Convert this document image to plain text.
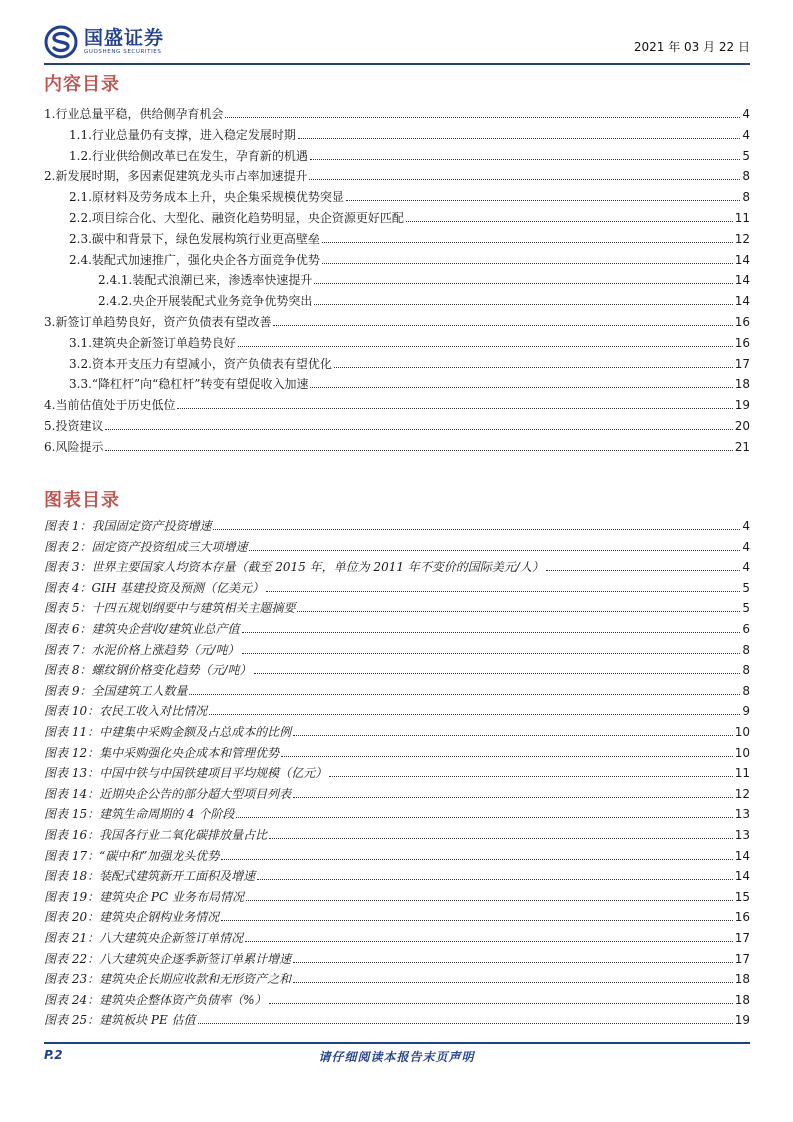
国盛证券
GUOSHENG SECURITIES	2021 年 03 月 22 日
内容目录
1.行业总量平稳，供给侧孕育机会	4
1.1.行业总量仍有支撑，进入稳定发展时期	4
1.2.行业供给侧改革已在发生，孕育新的机遇	5
2.新发展时期，多因素促建筑龙头市占率加速提升	8
2.1.原材料及劳务成本上升，央企集采规模优势突显	8
2.2.项目综合化、大型化、融资化趋势明显，央企资源更好匹配	11
2.3.碳中和背景下，绿色发展构筑行业更高壁垒	12
2.4.装配式加速推广，强化央企各方面竞争优势	14
2.4.1.装配式浪潮已来，渗透率快速提升	14
2.4.2.央企开展装配式业务竞争优势突出	14
3.新签订单趋势良好，资产负债表有望改善	16
3.1.建筑央企新签订单趋势良好	16
3.2.资本开支压力有望减小，资产负债表有望优化	17
3.3.“降杠杆”向“稳杠杆”转变有望促收入加速	18
4.当前估值处于历史低位	19
5.投资建议	20
6.风险提示	21
图表目录
图表 1：我国固定资产投资增速	4
图表 2：固定资产投资组成三大项增速	4
图表 3：世界主要国家人均资本存量（截至 2015 年，单位为 2011 年不变价的国际美元/人）	4
图表 4：GIH 基建投资及预测（亿美元）	5
图表 5：十四五规划纲要中与建筑相关主题摘要	5
图表 6：建筑央企营收/建筑业总产值	6
图表 7：水泥价格上涨趋势（元/吨）	8
图表 8：螺纹钢价格变化趋势（元/吨）	8
图表 9：全国建筑工人数量	8
图表 10：农民工收入对比情况	9
图表 11：中建集中采购金额及占总成本的比例	10
图表 12：集中采购强化央企成本和管理优势	10
图表 13：中国中铁与中国铁建项目平均规模（亿元）	11
图表 14：近期央企公告的部分超大型项目列表	12
图表 15：建筑生命周期的 4 个阶段	13
图表 16：我国各行业二氧化碳排放量占比	13
图表 17：“碳中和”加强龙头优势	14
图表 18：装配式建筑新开工面积及增速	14
图表 19：建筑央企 PC 业务布局情况	15
图表 20：建筑央企钢构业务情况	16
图表 21：八大建筑央企新签订单情况	17
图表 22：八大建筑央企逐季新签订单累计增速	17
图表 23：建筑央企长期应收款和无形资产之和	18
图表 24：建筑央企整体资产负债率（%）	18
图表 25：建筑板块 PE 估值	19
P.2	请仔细阅读本报告末页声明
